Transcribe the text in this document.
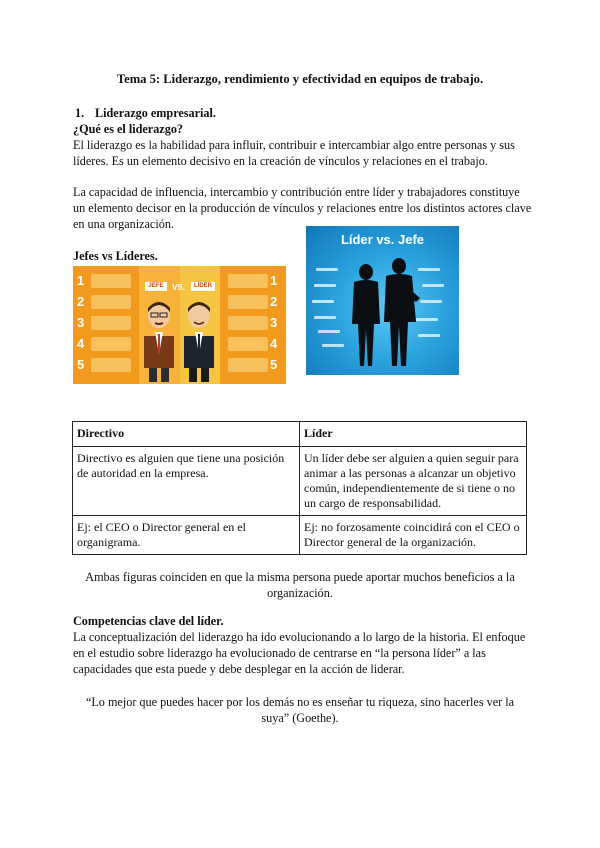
Tema 5: Liderazgo, rendimiento y efectividad en equipos de trabajo.
1. Liderazgo empresarial.
¿Qué es el liderazgo?
El liderazgo es la habilidad para influir, contribuir e intercambiar algo entre personas y sus
líderes. Es un elemento decisivo en la creación de vínculos y relaciones en el trabajo.
La capacidad de influencia, intercambio y contribución entre líder y trabajadores constituye
un elemento decisor en la producción de vínculos y relaciones entre los distintos actores clave
en una organización.
Jefes vs Líderes.
1
2
3
4
5
1
2
3
4
5
JEFE	VS.	LÍDER
Líder vs. Jefe
Directivo	Líder
Directivo es alguien que tiene una posición de autoridad en la empresa.	Un líder debe ser alguien a quien seguir para animar a las personas a alcanzar un objetivo común, independientemente de si tiene o no un cargo de responsabilidad.
Ej: el CEO o Director general en el organigrama.	Ej: no forzosamente coincidirá con el CEO o Director general de la organización.
Ambas figuras coinciden en que la misma persona puede aportar muchos beneficios a la
organización.
Competencias clave del líder.
La conceptualización del liderazgo ha ido evolucionando a lo largo de la historia. El enfoque
en el estudio sobre liderazgo ha evolucionado de centrarse en “la persona líder” a las
capacidades que esta puede y debe desplegar en la acción de liderar.
“Lo mejor que puedes hacer por los demás no es enseñar tu riqueza, sino hacerles ver la
suya” (Goethe).
